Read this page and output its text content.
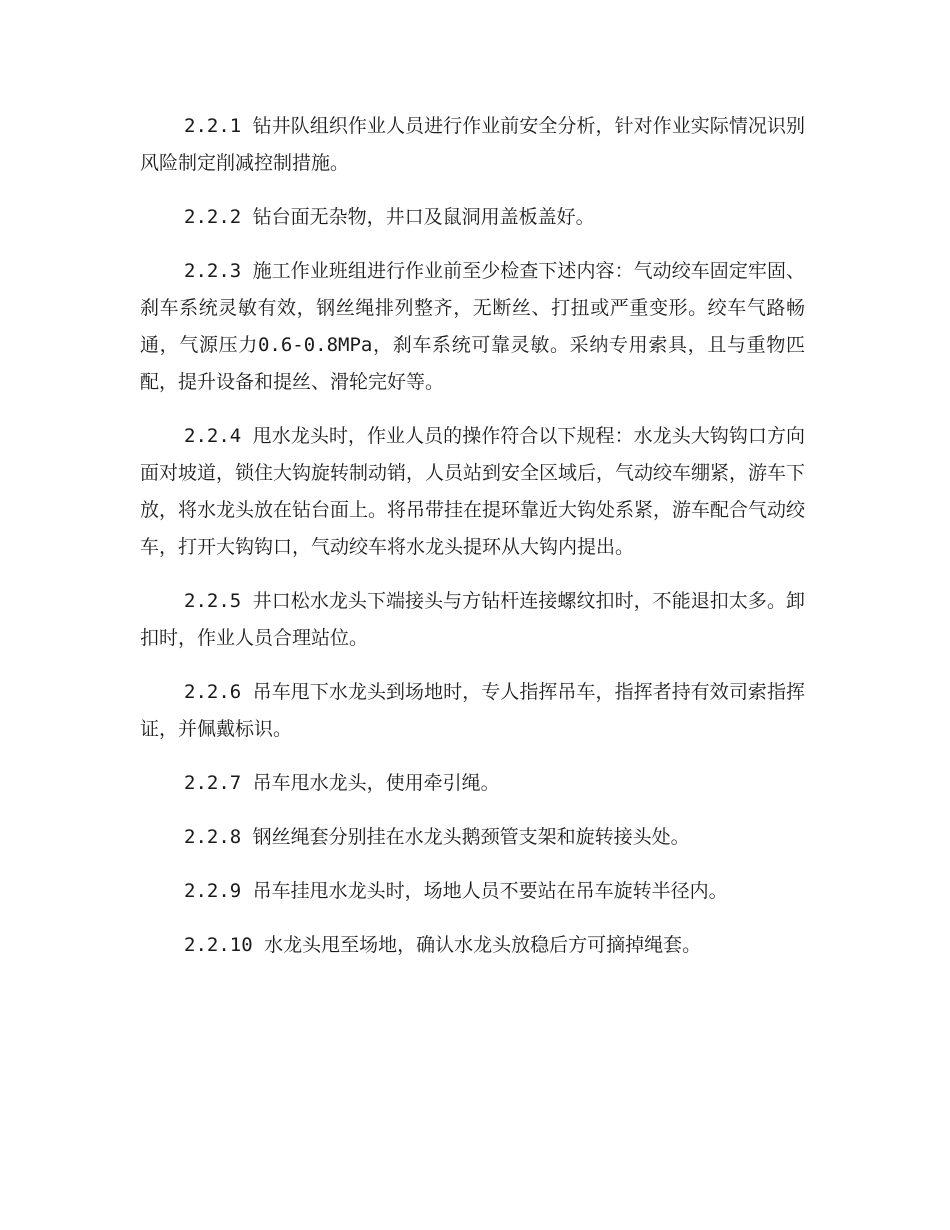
2.2.1 钻井队组织作业人员进行作业前安全分析，针对作业实际情况识别风险制定削减控制措施。

2.2.2 钻台面无杂物，井口及鼠洞用盖板盖好。

2.2.3 施工作业班组进行作业前至少检查下述内容：气动绞车固定牢固、刹车系统灵敏有效，钢丝绳排列整齐，无断丝、打扭或严重变形。绞车气路畅通，气源压力0.6-0.8MPa，刹车系统可靠灵敏。采纳专用索具，且与重物匹配，提升设备和提丝、滑轮完好等。

2.2.4 甩水龙头时，作业人员的操作符合以下规程：水龙头大钩钩口方向面对坡道，锁住大钩旋转制动销，人员站到安全区域后，气动绞车绷紧，游车下放，将水龙头放在钻台面上。将吊带挂在提环靠近大钩处系紧，游车配合气动绞车，打开大钩钩口，气动绞车将水龙头提环从大钩内提出。

2.2.5 井口松水龙头下端接头与方钻杆连接螺纹扣时，不能退扣太多。卸扣时，作业人员合理站位。

2.2.6 吊车甩下水龙头到场地时，专人指挥吊车，指挥者持有效司索指挥证，并佩戴标识。

2.2.7 吊车甩水龙头，使用牵引绳。

2.2.8 钢丝绳套分别挂在水龙头鹅颈管支架和旋转接头处。

2.2.9 吊车挂甩水龙头时，场地人员不要站在吊车旋转半径内。

2.2.10 水龙头甩至场地，确认水龙头放稳后方可摘掉绳套。
